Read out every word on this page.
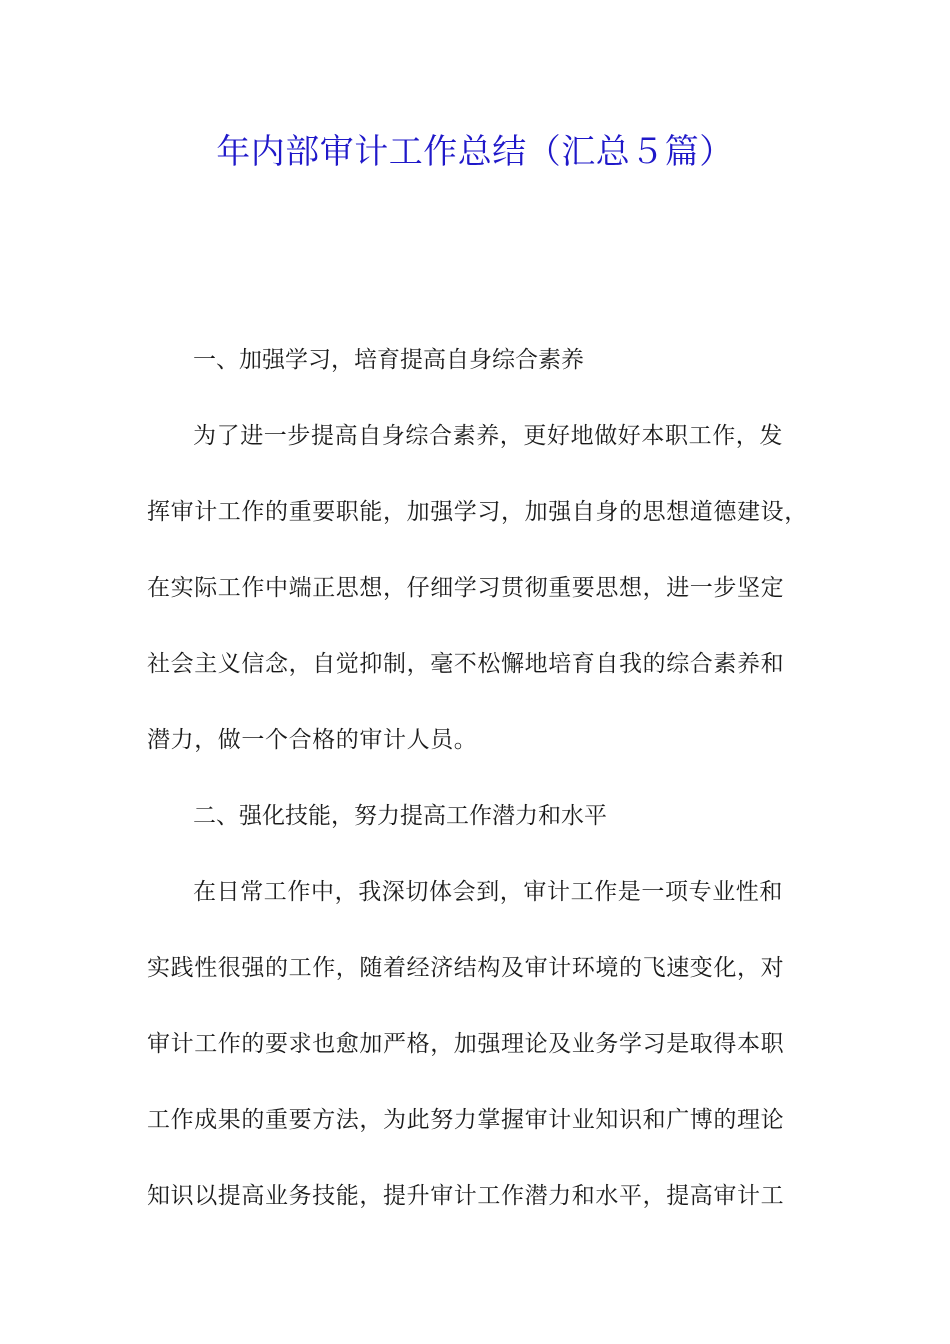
年内部审计工作总结（汇总５篇）

一、加强学习，培育提高自身综合素养

为了进一步提高自身综合素养，更好地做好本职工作，发
挥审计工作的重要职能，加强学习，加强自身的思想道德建设，
在实际工作中端正思想，仔细学习贯彻重要思想，进一步坚定
社会主义信念，自觉抑制，毫不松懈地培育自我的综合素养和
潜力，做一个合格的审计人员。

二、强化技能，努力提高工作潜力和水平

在日常工作中，我深切体会到，审计工作是一项专业性和
实践性很强的工作，随着经济结构及审计环境的飞速变化，对
审计工作的要求也愈加严格，加强理论及业务学习是取得本职
工作成果的重要方法，为此努力掌握审计业知识和广博的理论
知识以提高业务技能，提升审计工作潜力和水平，提高审计工
